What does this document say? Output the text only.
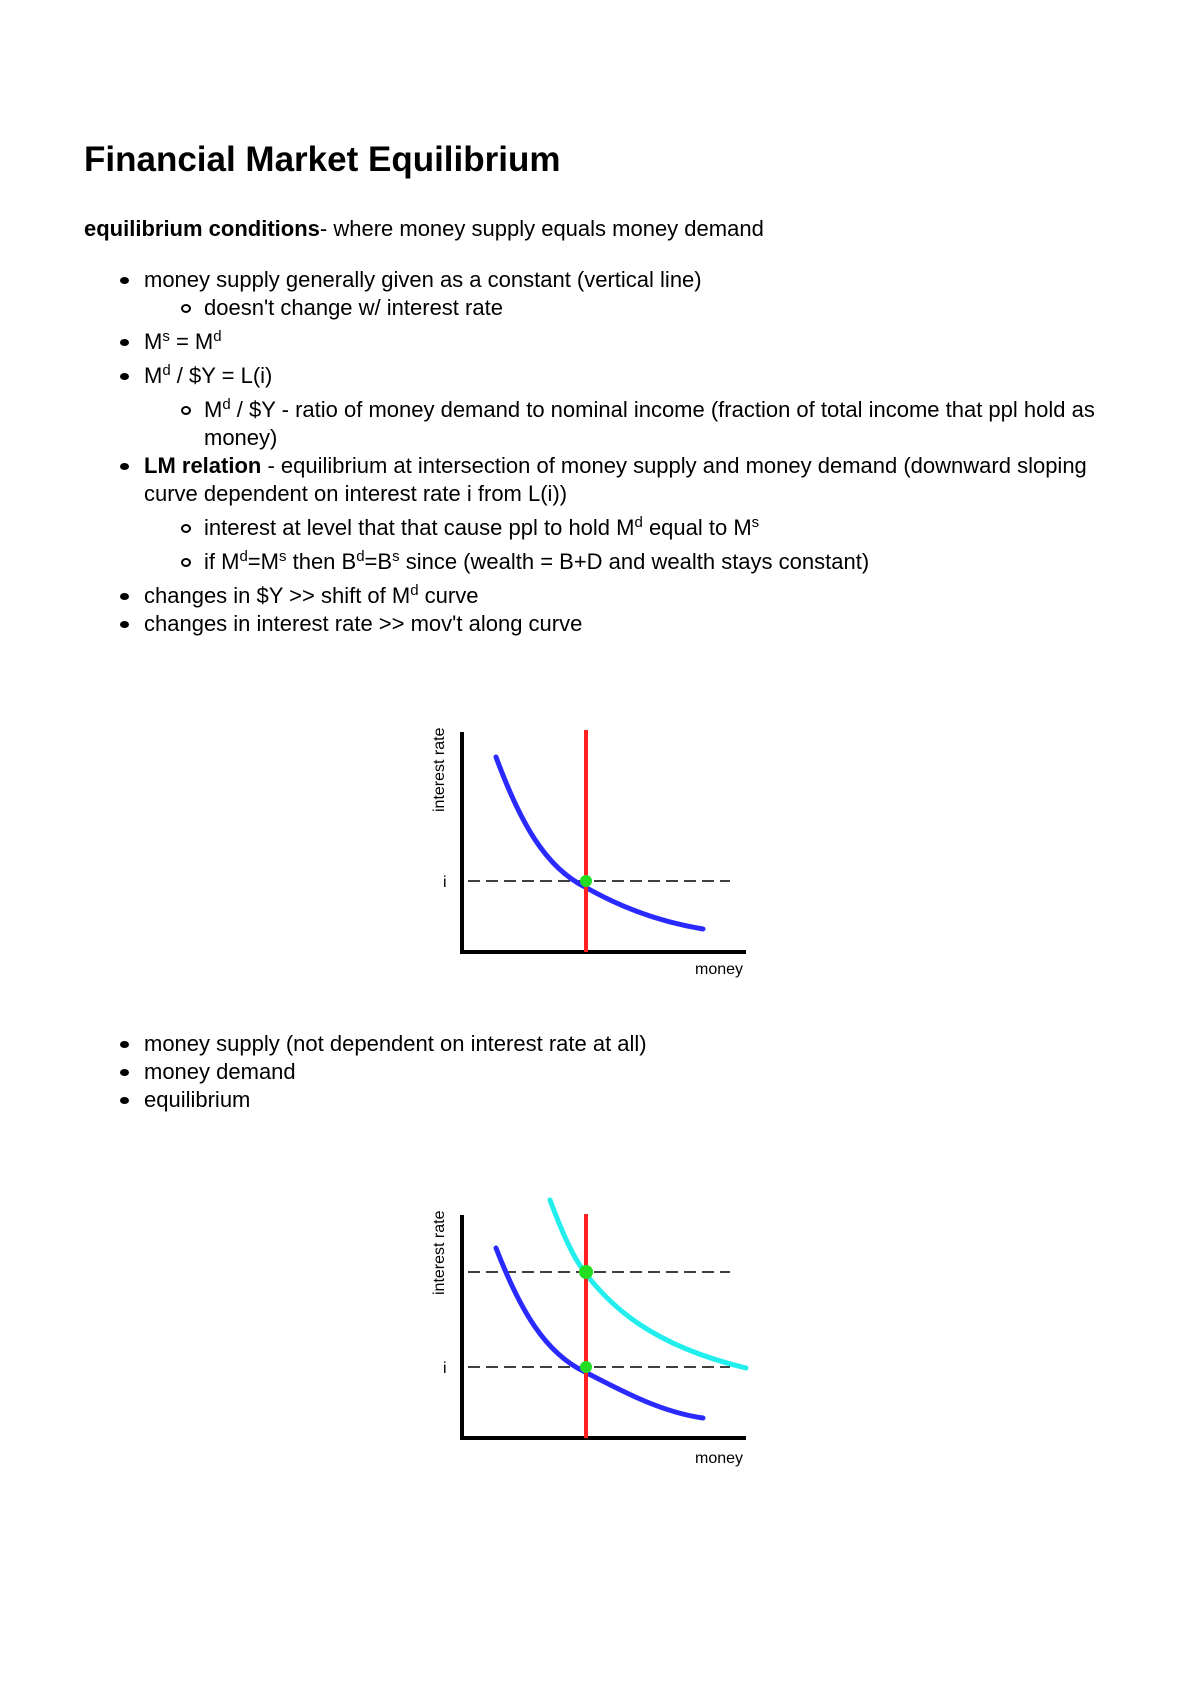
Financial Market Equilibrium

equilibrium conditions- where money supply equals money demand

money supply generally given as a constant (vertical line)
doesn't change w/ interest rate
$M^s = M^d$
$M^d$ / $Y = L(i)
$M^d$ / $Y - ratio of money demand to nominal income (fraction of total income that ppl hold as money)
LM relation - equilibrium at intersection of money supply and money demand (downward sloping curve dependent on interest rate i from L(i))
interest at level that that cause ppl to hold $M^d$ equal to $M^s$
if $M^d=M^s$ then $B^d=B^s$ since (wealth = B+D and wealth stays constant)
changes in $Y >> shift of $M^d$ curve
changes in interest rate >> mov't along curve
interest rate
money
i
money supply (not dependent on interest rate at all)
money demand
equilibrium
interest rate
money
i
